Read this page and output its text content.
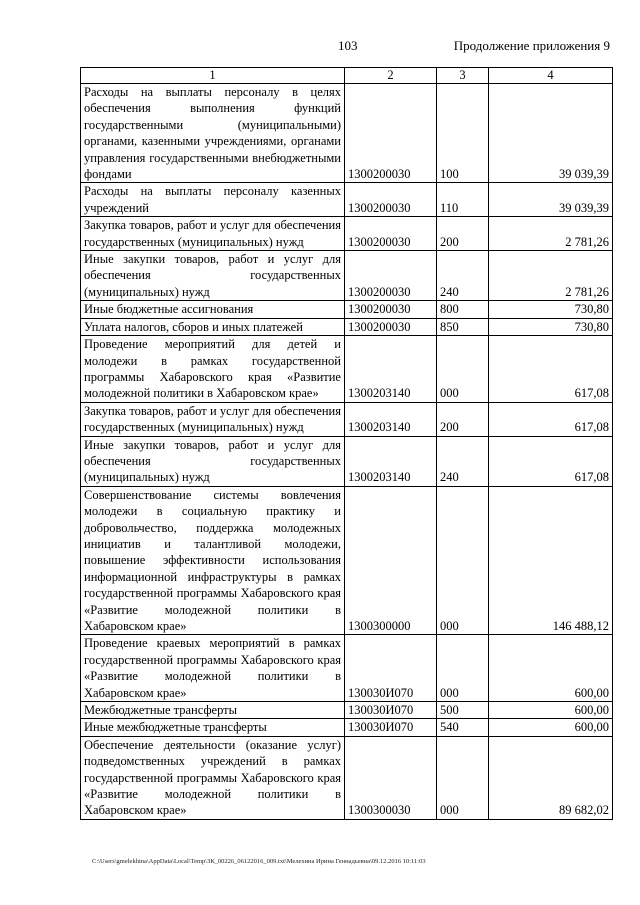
103	Продолжение приложения 9
1	2	3	4
Расходы на выплаты персоналу в целях обеспечения выполнения функций государственными (муниципальными) органами, казенными учреждениями, органами управления государственными внебюджетными фондами	1300200030	100	39 039,39
Расходы на выплаты персоналу казенных учреждений	1300200030	110	39 039,39
Закупка товаров, работ и услуг для обеспечения государственных (муниципальных) нужд	1300200030	200	2 781,26
Иные закупки товаров, работ и услуг для обеспечения государственных (муниципальных) нужд	1300200030	240	2 781,26
Иные бюджетные ассигнования	1300200030	800	730,80
Уплата налогов, сборов и иных платежей	1300200030	850	730,80
Проведение мероприятий для детей и молодежи в рамках государственной программы Хабаровского края «Развитие молодежной политики в Хабаровском крае»	1300203140	000	617,08
Закупка товаров, работ и услуг для обеспечения государственных (муниципальных) нужд	1300203140	200	617,08
Иные закупки товаров, работ и услуг для обеспечения государственных (муниципальных) нужд	1300203140	240	617,08
Совершенствование системы вовлечения молодежи в социальную практику и добровольчество, поддержка молодежных инициатив и талантливой молодежи, повышение эффективности использования информационной инфраструктуры в рамках государственной программы Хабаровского края «Развитие молодежной политики в Хабаровском крае»	1300300000	000	146 488,12
Проведение краевых мероприятий в рамках государственной программы Хабаровского края «Развитие молодежной политики в Хабаровском крае»	130030И070	000	600,00
Межбюджетные трансферты	130030И070	500	600,00
Иные межбюджетные трансферты	130030И070	540	600,00
Обеспечение деятельности (оказание услуг) подведомственных учреждений в рамках государственной программы Хабаровского края «Развитие молодежной политики в Хабаровском крае»	1300300030	000	89 682,02
C:\Users\gmelekhina\AppData\Local\Temp\ЗК_00226_06122016_009.txt\Мелехина Ирина Геннадьевна\09.12.2016 10:11:03
